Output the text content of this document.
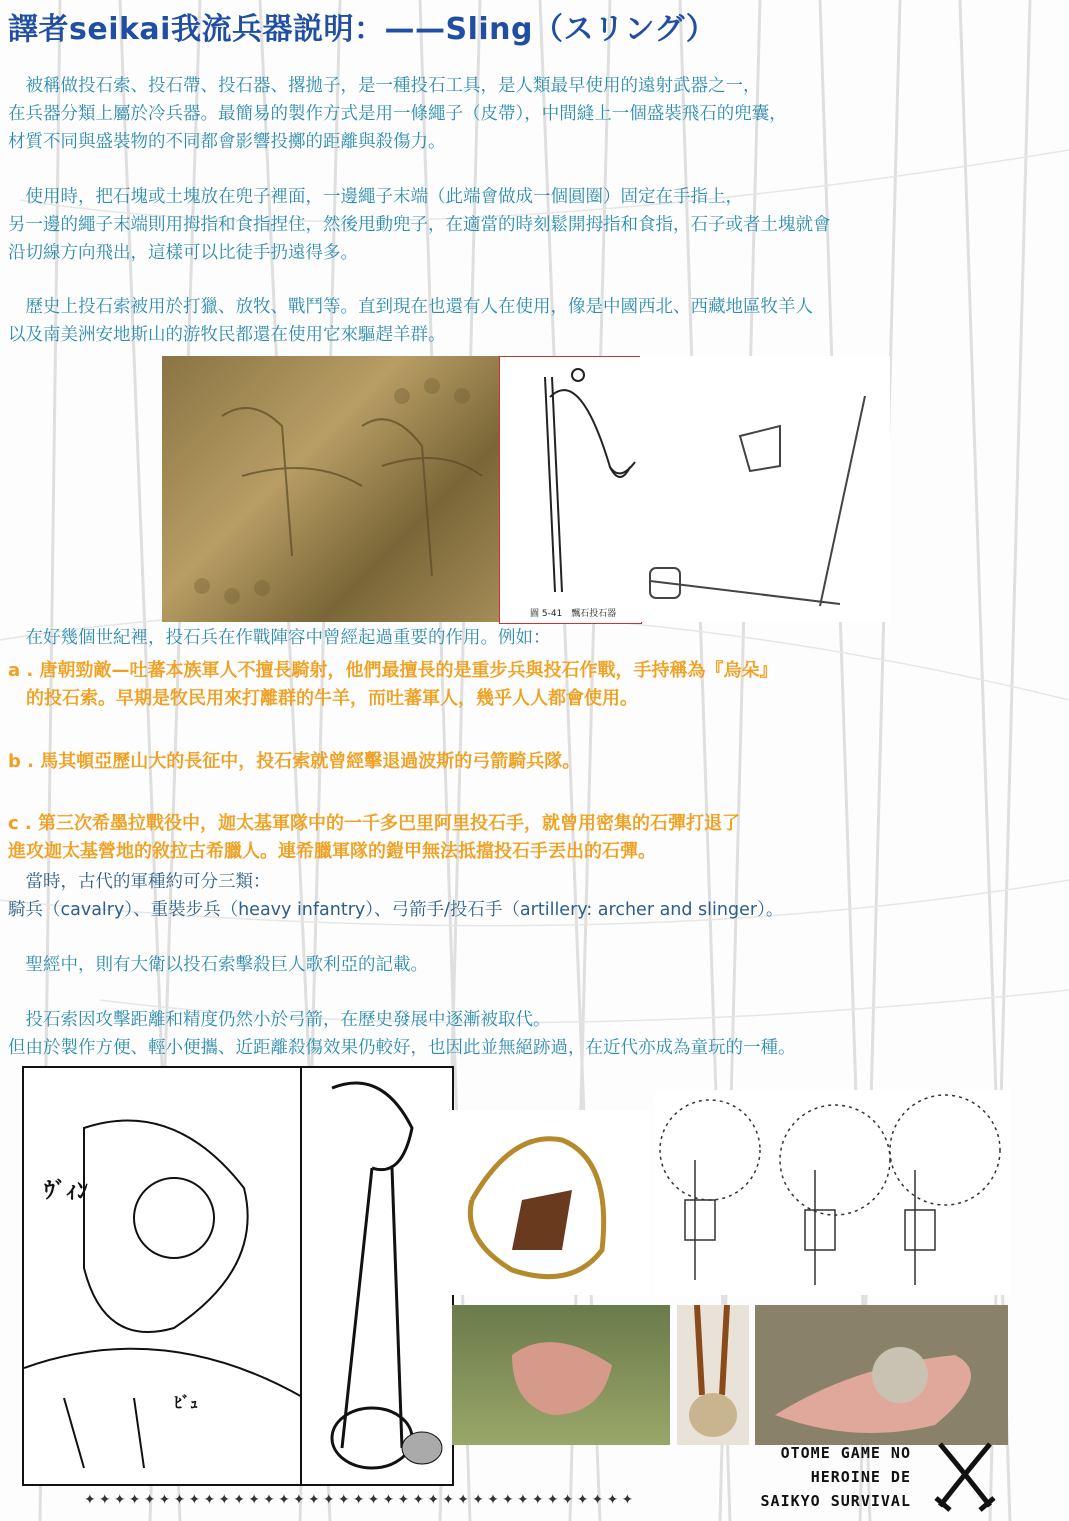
譯者seikai我流兵器説明：——Sling（スリング）
　被稱做投石索、投石帶、投石器、撂拋子，是一種投石工具，是人類最早使用的遠射武器之一，
在兵器分類上屬於冷兵器。最簡易的製作方式是用一條繩子（皮帶），中間縫上一個盛裝飛石的兜囊，
材質不同與盛裝物的不同都會影響投擲的距離與殺傷力。
　使用時，把石塊或土塊放在兜子裡面，一邊繩子末端（此端會做成一個圓圈）固定在手指上，
另一邊的繩子末端則用拇指和食指捏住，然後甩動兜子，在適當的時刻鬆開拇指和食指，石子或者土塊就會
沿切線方向飛出，這樣可以比徒手扔遠得多。
　歷史上投石索被用於打獵、放牧、戰鬥等。直到現在也還有人在使用，像是中國西北、西藏地區牧羊人
以及南美洲安地斯山的游牧民都還在使用它來驅趕羊群。
圖 5-41　飄石投石器
　在好幾個世紀裡，投石兵在作戰陣容中曾經起過重要的作用。例如：
a . 唐朝勁敵—吐蕃本族軍人不擅長騎射，他們最擅長的是重步兵與投石作戰，手持稱為『烏朵』
　的投石索。早期是牧民用來打離群的牛羊，而吐蕃軍人，幾乎人人都會使用。
b . 馬其頓亞歷山大的長征中，投石索就曾經擊退過波斯的弓箭騎兵隊。
c . 第三次希墨拉戰役中，迦太基軍隊中的一千多巴里阿里投石手，就曾用密集的石彈打退了
進攻迦太基營地的敘拉古希臘人。連希臘軍隊的鎧甲無法抵擋投石手丟出的石彈。
　當時，古代的軍種約可分三類：
騎兵（cavalry）、重裝步兵（heavy infantry）、弓箭手/投石手（artillery: archer and slinger）。
　聖經中，則有大衛以投石索擊殺巨人歌利亞的記載。
　投石索因攻擊距離和精度仍然小於弓箭，在歷史發展中逐漸被取代。
但由於製作方便、輕小便攜、近距離殺傷效果仍較好，也因此並無絕跡過，在近代亦成為童玩的一種。
ｳﾞｨﾝ
ﾋﾞｭ
OTOME GAME NO
HEROINE DE
SAIKYO SURVIVAL
✦✦✦✦✦✦✦✦✦✦✦✦✦✦✦✦✦✦✦✦✦✦✦✦✦✦✦✦✦✦✦✦✦✦✦✦✦
